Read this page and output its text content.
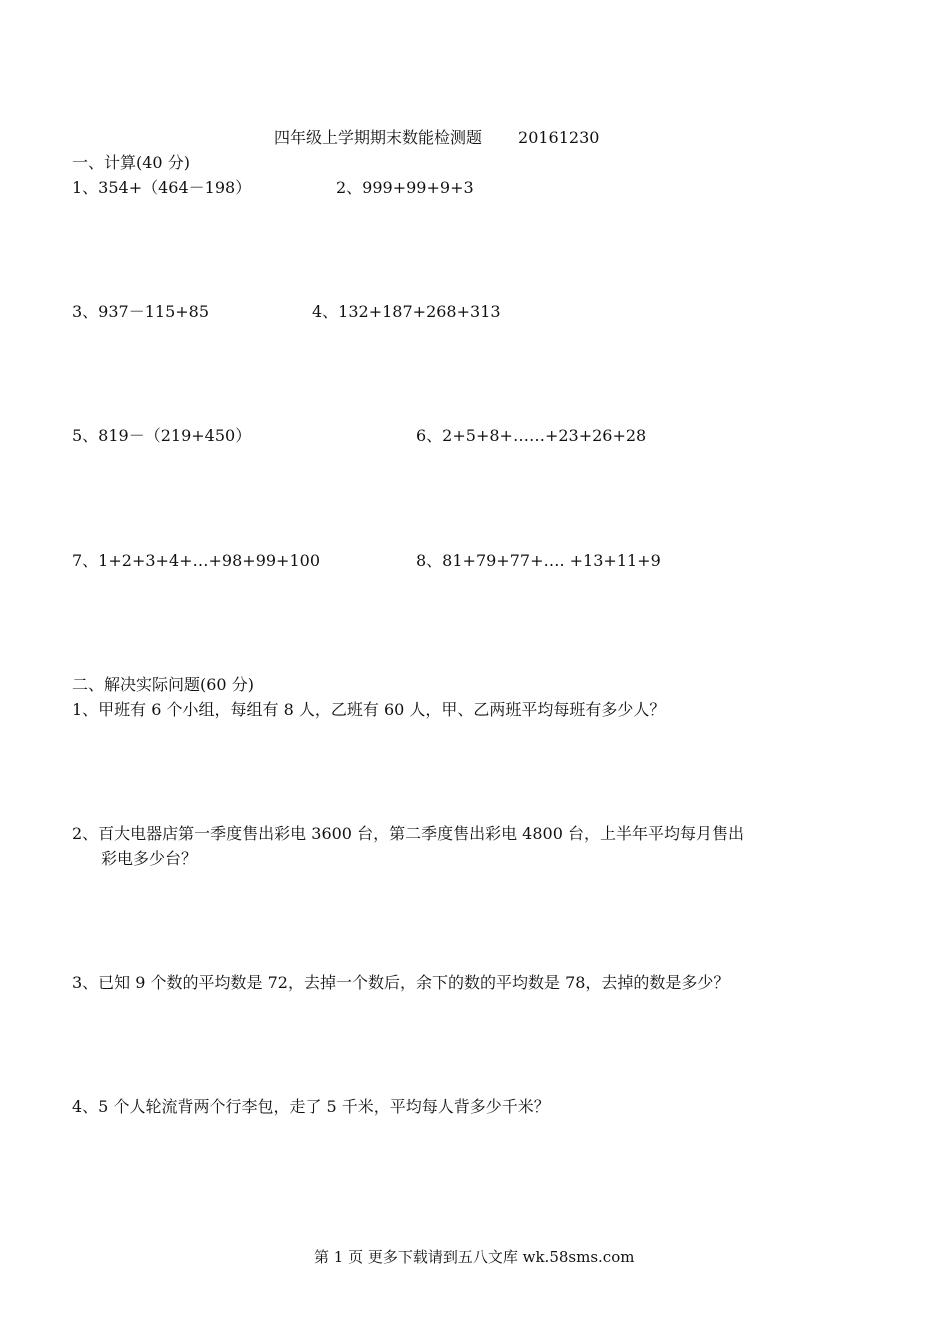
四年级上学期期末数能检测题 20161230
一、计算(40 分)
1、354+（464－198）	2、999+99+9+3
3、937－115+85	4、132+187+268+313
5、819－（219+450）	6、2+5+8+……+23+26+28
7、1+2+3+4+…+98+99+100	8、81+79+77+…. +13+11+9
二、解决实际问题(60 分)
1、甲班有 6 个小组，每组有 8 人，乙班有 60 人，甲、乙两班平均每班有多少人？
2、百大电器店第一季度售出彩电 3600 台，第二季度售出彩电 4800 台，上半年平均每月售出
彩电多少台？
3、已知 9 个数的平均数是 72，去掉一个数后，余下的数的平均数是 78，去掉的数是多少？
4、5 个人轮流背两个行李包，走了 5 千米，平均每人背多少千米？
第 1 页 更多下载请到五八文库 wk.58sms.com
